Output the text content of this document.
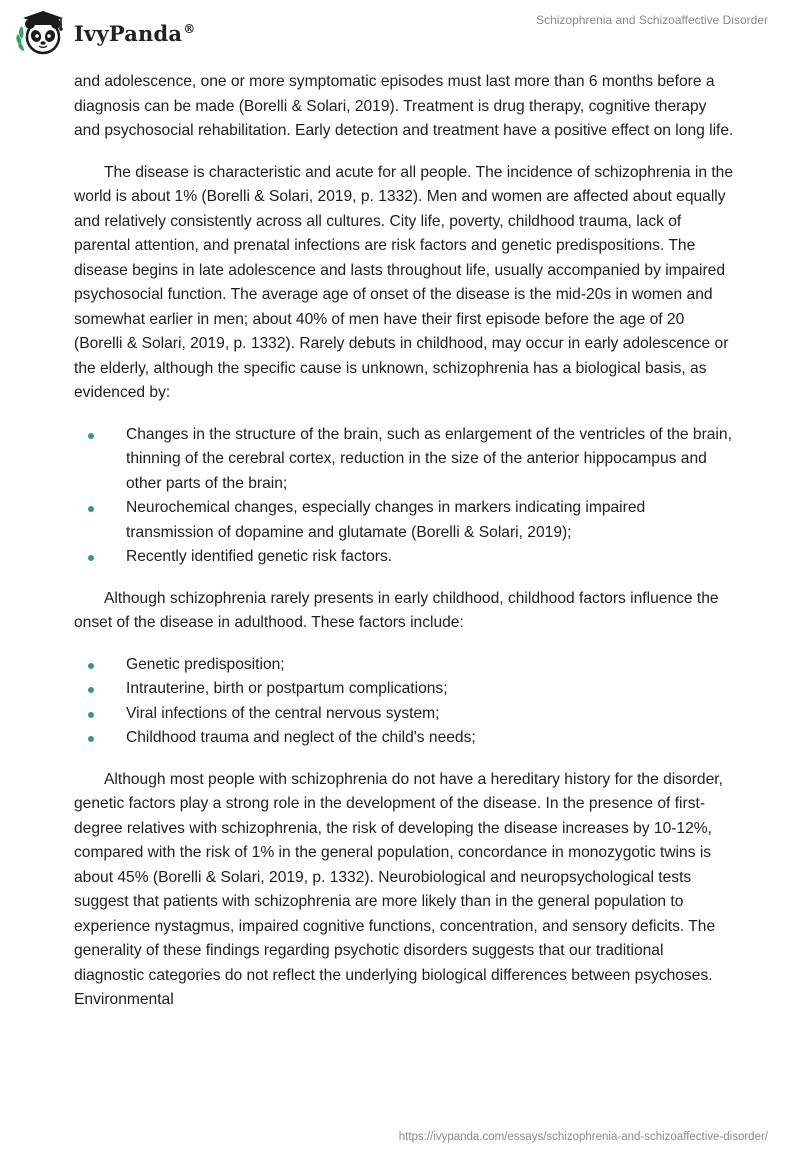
IvyPanda®
Schizophrenia and Schizoaffective Disorder

and adolescence, one or more symptomatic episodes must last more than 6 months before a diagnosis can be made (Borelli & Solari, 2019). Treatment is drug therapy, cognitive therapy and psychosocial rehabilitation. Early detection and treatment have a positive effect on long life.

The disease is characteristic and acute for all people. The incidence of schizophrenia in the world is about 1% (Borelli & Solari, 2019, p. 1332). Men and women are affected about equally and relatively consistently across all cultures. City life, poverty, childhood trauma, lack of parental attention, and prenatal infections are risk factors and genetic predispositions. The disease begins in late adolescence and lasts throughout life, usually accompanied by impaired psychosocial function. The average age of onset of the disease is the mid-20s in women and somewhat earlier in men; about 40% of men have their first episode before the age of 20 (Borelli & Solari, 2019, p. 1332). Rarely debuts in childhood, may occur in early adolescence or the elderly, although the specific cause is unknown, schizophrenia has a biological basis, as evidenced by:

Changes in the structure of the brain, such as enlargement of the ventricles of the brain, thinning of the cerebral cortex, reduction in the size of the anterior hippocampus and other parts of the brain;
Neurochemical changes, especially changes in markers indicating impaired transmission of dopamine and glutamate (Borelli & Solari, 2019);
Recently identified genetic risk factors.

Although schizophrenia rarely presents in early childhood, childhood factors influence the onset of the disease in adulthood. These factors include:

Genetic predisposition;
Intrauterine, birth or postpartum complications;
Viral infections of the central nervous system;
Childhood trauma and neglect of the child's needs;

Although most people with schizophrenia do not have a hereditary history for the disorder, genetic factors play a strong role in the development of the disease. In the presence of first-degree relatives with schizophrenia, the risk of developing the disease increases by 10-12%, compared with the risk of 1% in the general population, concordance in monozygotic twins is about 45% (Borelli & Solari, 2019, p. 1332). Neurobiological and neuropsychological tests suggest that patients with schizophrenia are more likely than in the general population to experience nystagmus, impaired cognitive functions, concentration, and sensory deficits. The generality of these findings regarding psychotic disorders suggests that our traditional diagnostic categories do not reflect the underlying biological differences between psychoses. Environmental

https://ivypanda.com/essays/schizophrenia-and-schizoaffective-disorder/
